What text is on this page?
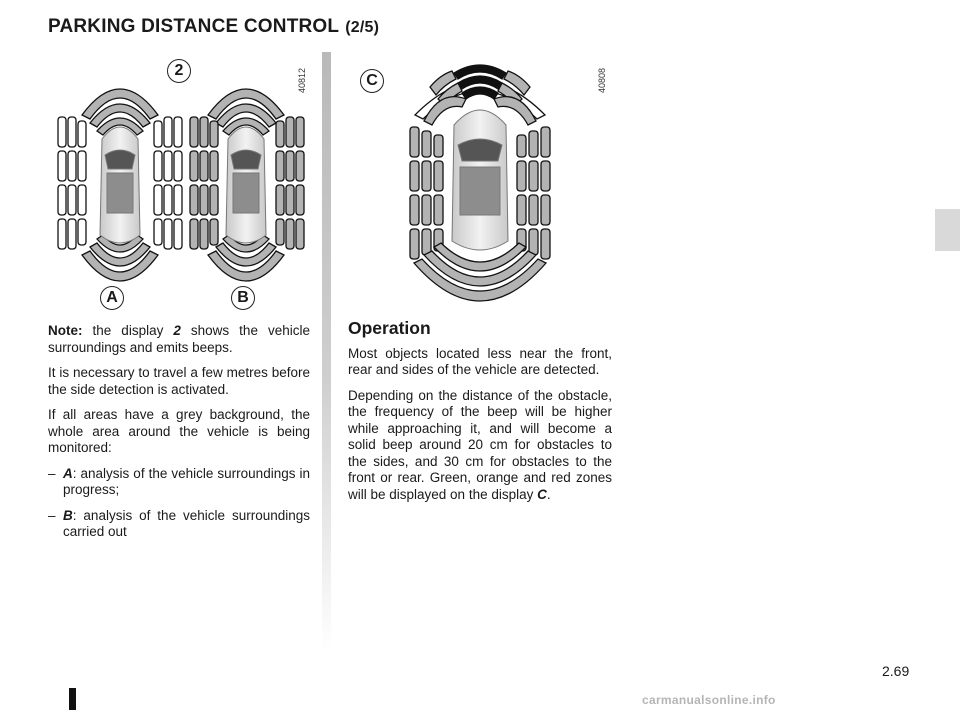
PARKING DISTANCE CONTROL (2/5)
40812
2
A	B
40808
C

Note: the display 2 shows the vehicle surroundings and emits beeps.

It is necessary to travel a few metres before the side detection is activated.

If all areas have a grey background, the whole area around the vehicle is being monitored:

– A: analysis of the vehicle surroundings in progress;
– B: analysis of the vehicle surroundings carried out
Operation

Most objects located less near the front, rear and sides of the vehicle are detected.

Depending on the distance of the obstacle, the frequency of the beep will be higher while approaching it, and will become a solid beep around 20 cm for obstacles to the sides, and 30 cm for obstacles to the front or rear. Green, orange and red zones will be displayed on the display C.

2.69
carmanualsonline.info
